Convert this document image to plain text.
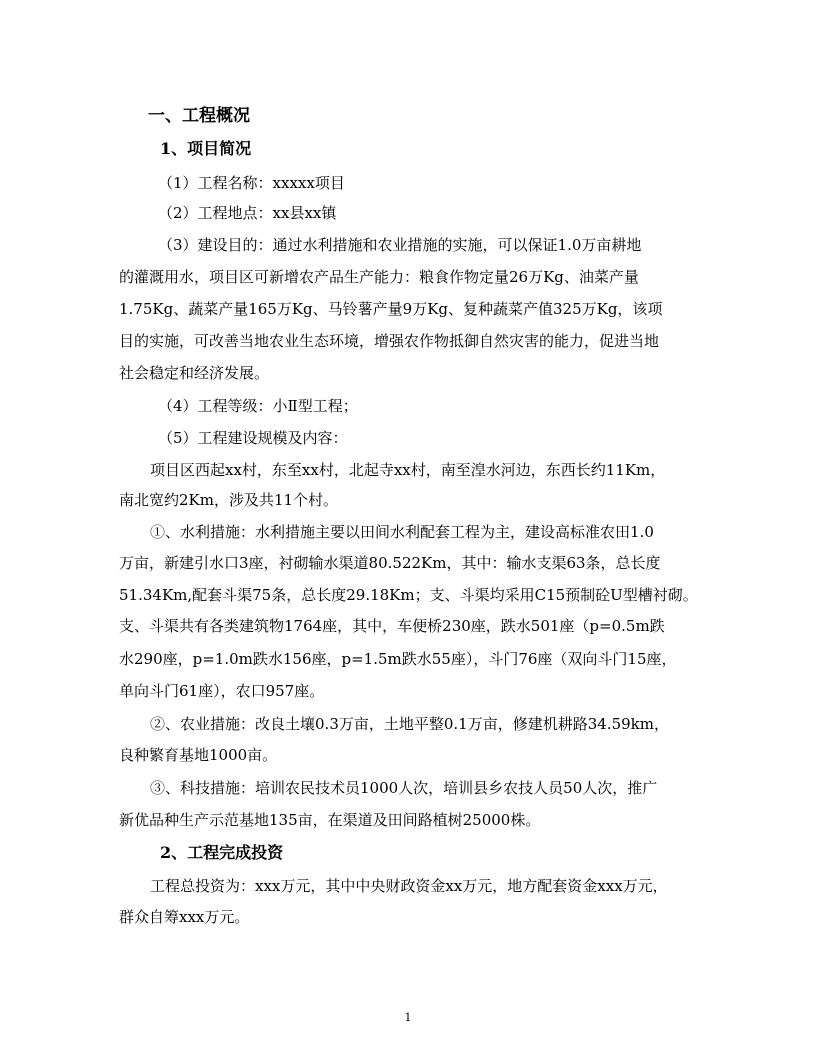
一、工程概况
1、项目简况
（1）工程名称：xxxxx项目
（2）工程地点：xx县xx镇
（3）建设目的：通过水利措施和农业措施的实施，可以保证1.0万亩耕地
的灌溉用水，项目区可新增农产品生产能力：粮食作物定量26万Kg、油菜产量
1.75Kg、蔬菜产量165万Kg、马铃薯产量9万Kg、复种蔬菜产值325万Kg，该项
目的实施，可改善当地农业生态环境，增强农作物抵御自然灾害的能力，促进当地
社会稳定和经济发展。
（4）工程等级：小Ⅱ型工程；
（5）工程建设规模及内容：
项目区西起xx村，东至xx村，北起寺xx村，南至湟水河边，东西长约11Km，
南北宽约2Km，涉及共11个村。
①、水利措施：水利措施主要以田间水利配套工程为主，建设高标准农田1.0
万亩，新建引水口3座，衬砌输水渠道80.522Km，其中：输水支渠63条，总长度
51.34Km,配套斗渠75条，总长度29.18Km；支、斗渠均采用C15预制砼U型槽衬砌。
支、斗渠共有各类建筑物1764座，其中，车便桥230座，跌水501座（p=0.5m跌
水290座，p=1.0m跌水156座，p=1.5m跌水55座），斗门76座（双向斗门15座，
单向斗门61座），农口957座。
②、农业措施：改良土壤0.3万亩，土地平整0.1万亩，修建机耕路34.59km，
良种繁育基地1000亩。
③、科技措施：培训农民技术员1000人次，培训县乡农技人员50人次，推广
新优品种生产示范基地135亩，在渠道及田间路植树25000株。
2、工程完成投资
工程总投资为：xxx万元，其中中央财政资金xx万元，地方配套资金xxx万元，
群众自筹xxx万元。
1
